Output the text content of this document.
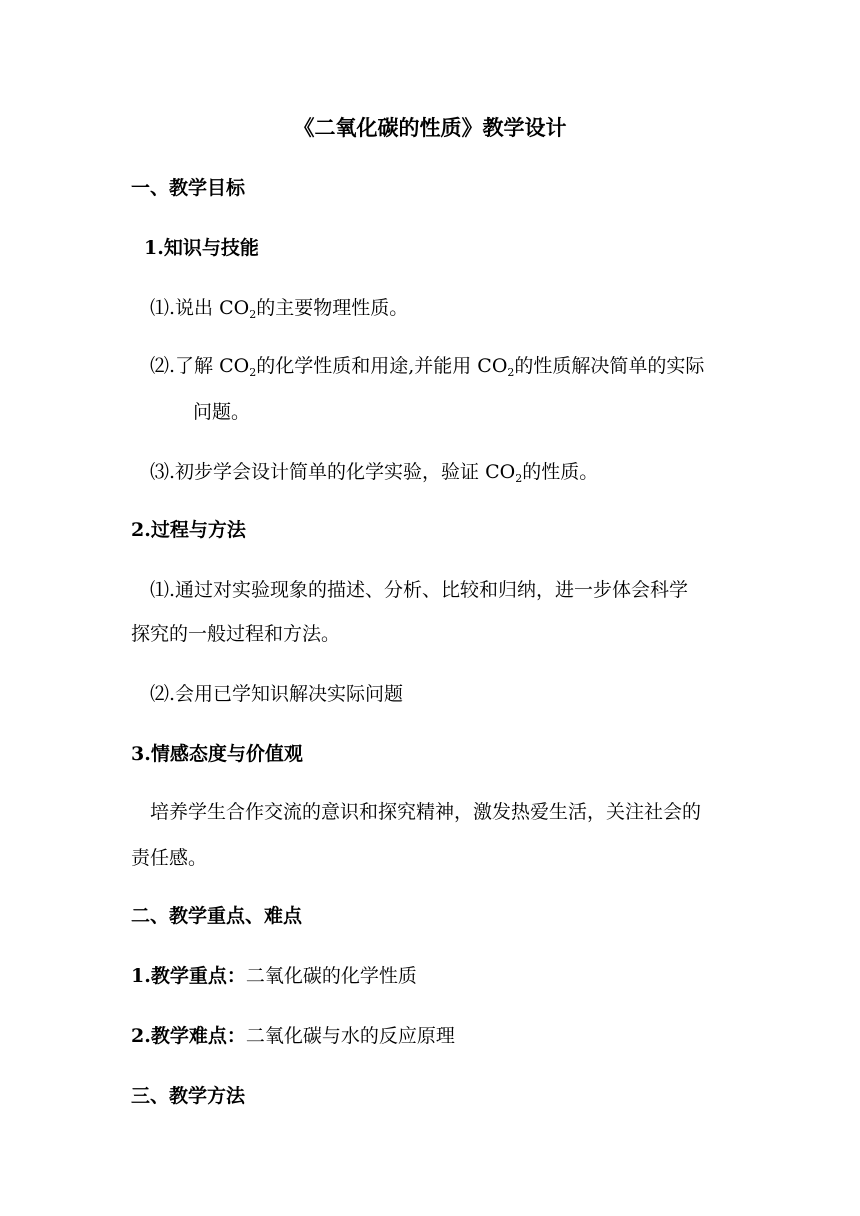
《二氧化碳的性质》教学设计
一、教学目标
1.知识与技能
⑴.说出 $CO_2$的主要物理性质。
⑵.了解 $CO_2$的化学性质和用途,并能用 $CO_2$的性质解决简单的实际
问题。
⑶.初步学会设计简单的化学实验，验证 $CO_2$的性质。
2.过程与方法
⑴.通过对实验现象的描述、分析、比较和归纳，进一步体会科学
探究的一般过程和方法。
⑵.会用已学知识解决实际问题
3.情感态度与价值观
培养学生合作交流的意识和探究精神，激发热爱生活，关注社会的
责任感。
二、教学重点、难点
1.教学重点：二氧化碳的化学性质
2.教学难点：二氧化碳与水的反应原理
三、教学方法
